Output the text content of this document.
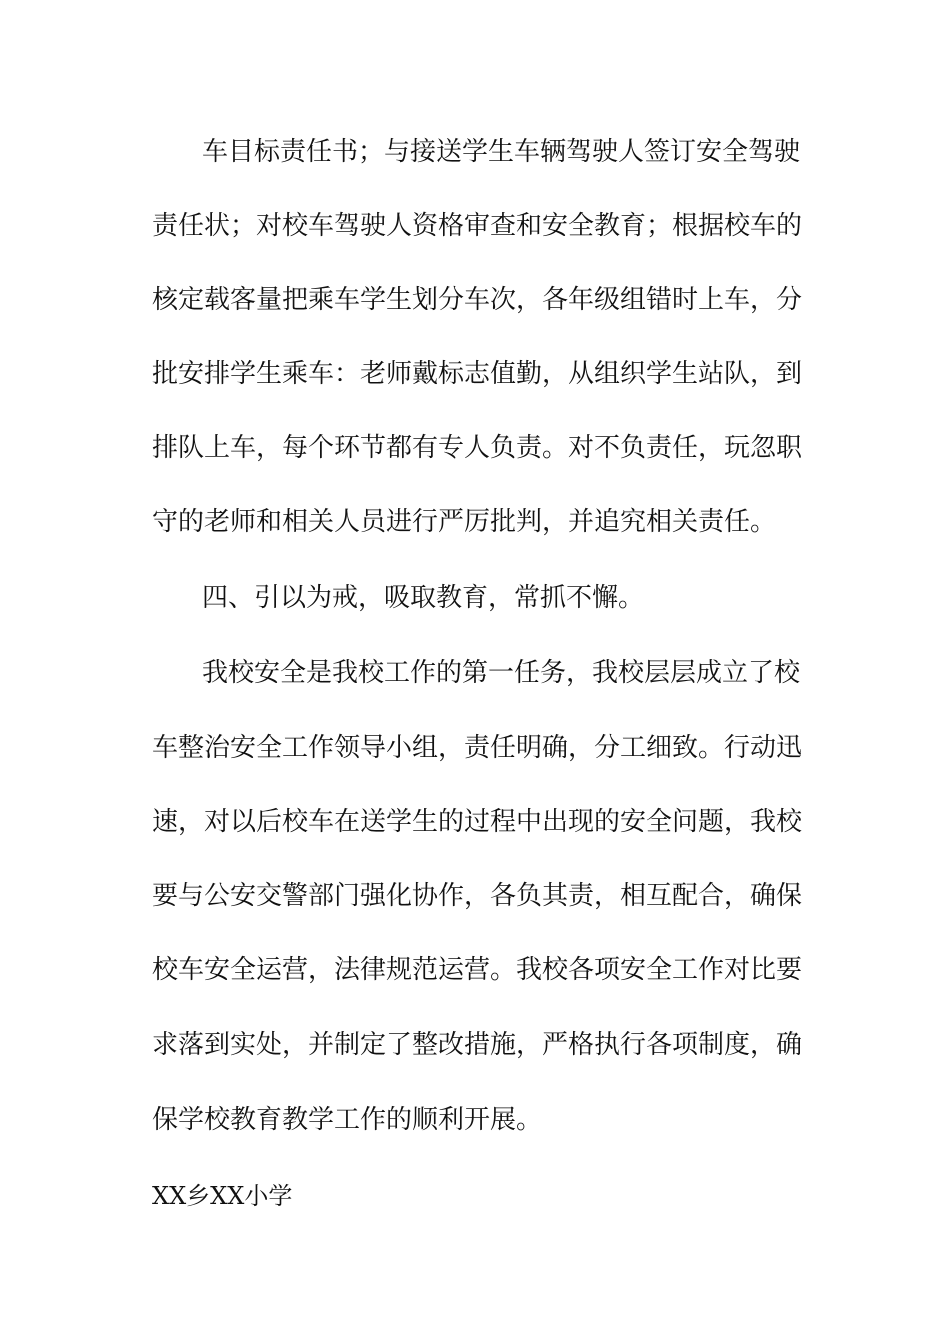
车目标责任书；与接送学生车辆驾驶人签订安全驾驶
责任状；对校车驾驶人资格审查和安全教育；根据校车的
核定载客量把乘车学生划分车次，各年级组错时上车，分
批安排学生乘车：老师戴标志值勤，从组织学生站队，到
排队上车，每个环节都有专人负责。对不负责任，玩忽职
守的老师和相关人员进行严厉批判，并追究相关责任。
四、引以为戒，吸取教育，常抓不懈。
我校安全是我校工作的第一任务，我校层层成立了校
车整治安全工作领导小组，责任明确，分工细致。行动迅
速，对以后校车在送学生的过程中出现的安全问题，我校
要与公安交警部门强化协作，各负其责，相互配合，确保
校车安全运营，法律规范运营。我校各项安全工作对比要
求落到实处，并制定了整改措施，严格执行各项制度，确
保学校教育教学工作的顺利开展。
XX乡XX小学
